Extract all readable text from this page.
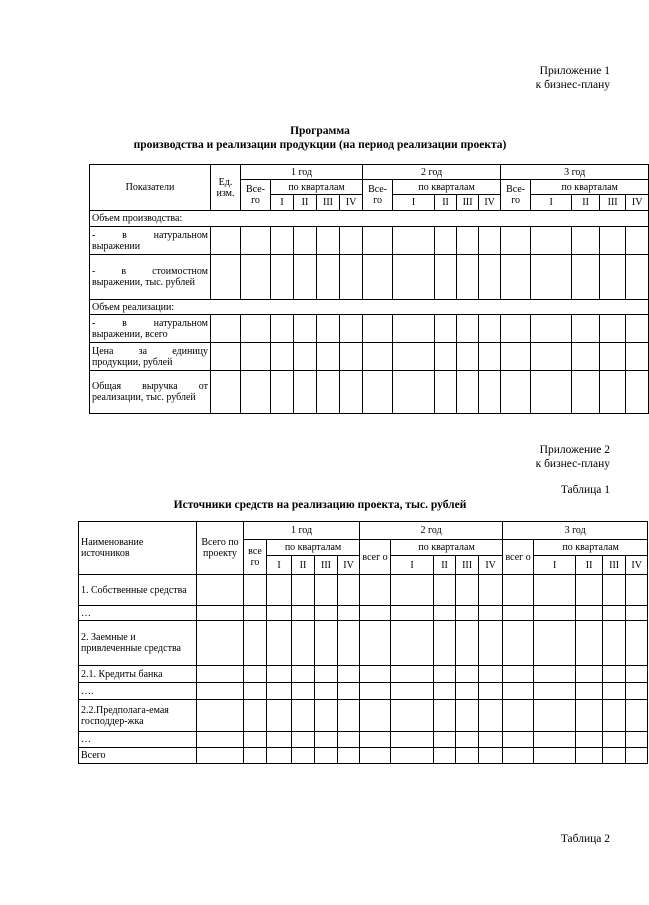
Приложение 1
к бизнес-плану
Программа
производства и реализации продукции (на период реализации проекта)
Показатели	Ед. изм.	1 год					2 год					3 год				
		Все- го	по кварталам				Все- го	по кварталам				Все- го	по кварталам			
			I	II	III	IV		I	II	III	IV		I	II	III	IV
Объем производства:																
- в натуральном выражении																
- в стоимостном выражении, тыс. рублей																
Объем реализации:																
- в натуральном выражении, всего																
Цена за единицу продукции, рублей																
Общая выручка от реализации, тыс. рублей																
Приложение 2
к бизнес-плану
Таблица 1
Источники средств на реализацию проекта, тыс. рублей
Наименование источников	Всего по проекту	1 год					2 год					3 год				
		все го	по кварталам				всег о	по кварталам				всег о	по кварталам			
			I	II	III	IV		I	II	III	IV		I	II	III	IV
1. Собственные средства																
…																
2. Заемные и привлеченные средства																
2.1. Кредиты банка																
….																
2.2.Предполага-емая господдер-жка																
…																
Всего																
Таблица 2
